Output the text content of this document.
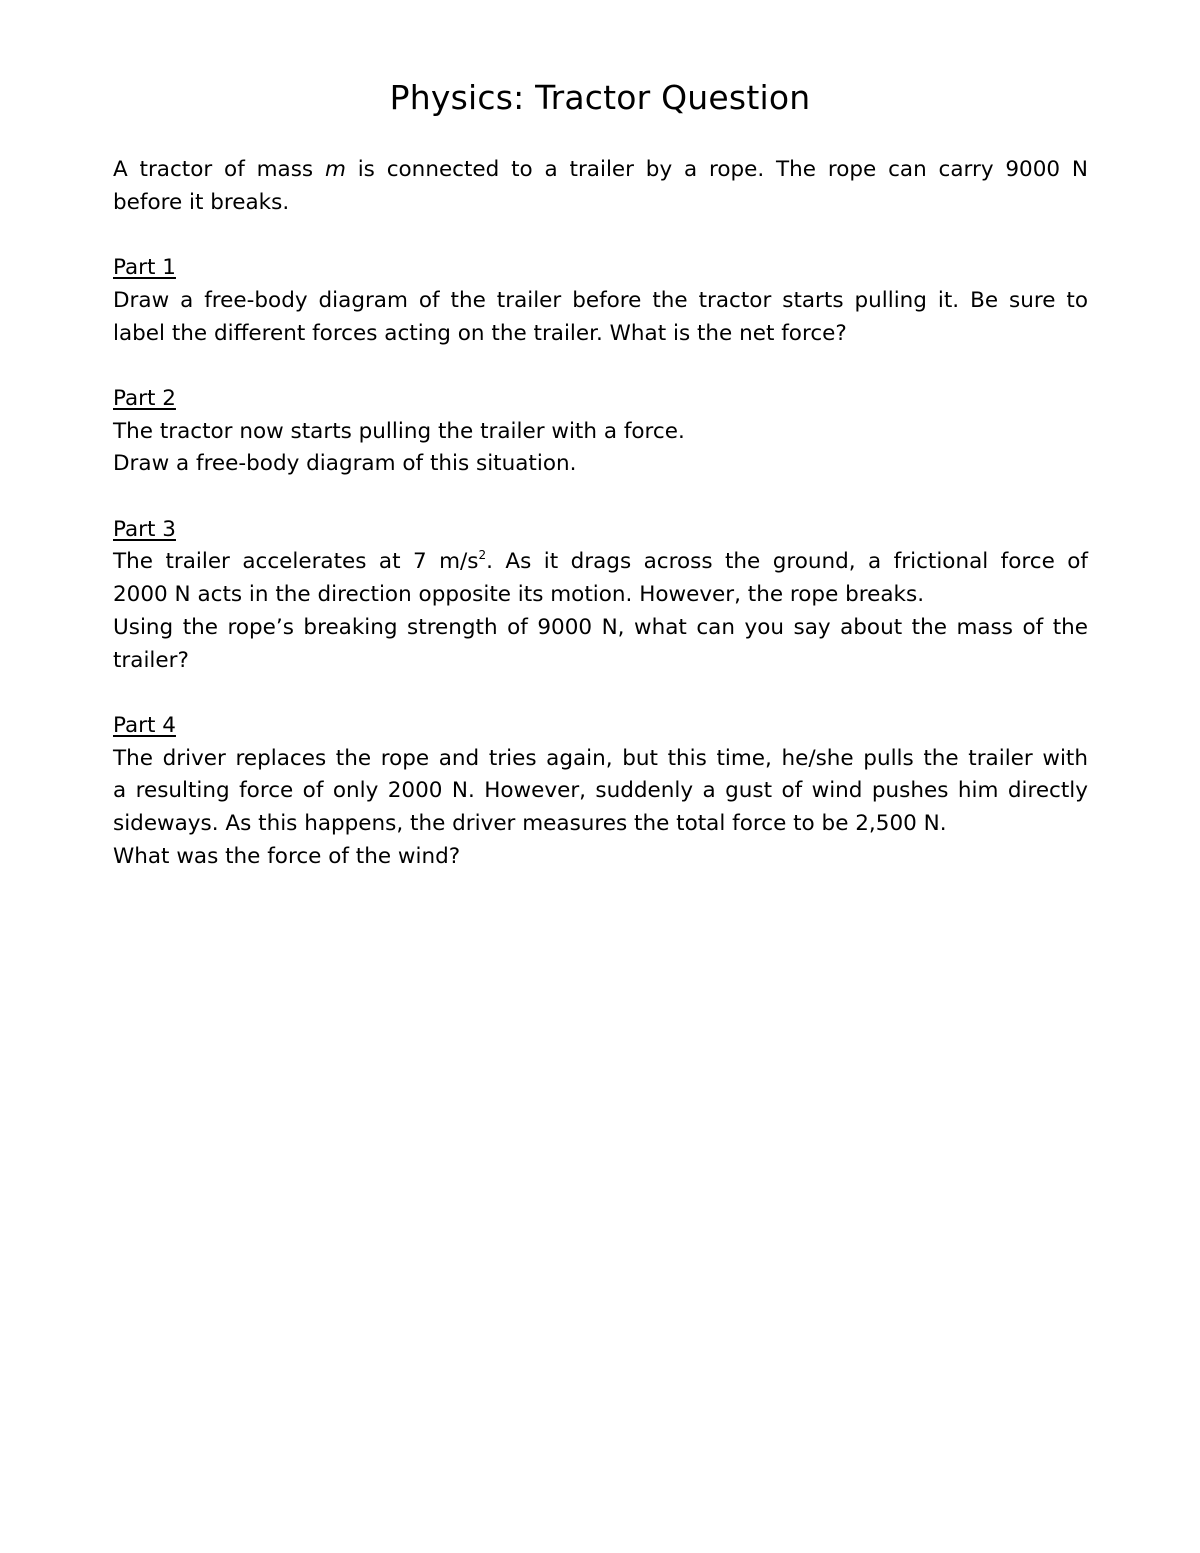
Physics: Tractor Question
A tractor of mass m is connected to a trailer by a rope. The rope can carry 9000 N
before it breaks.
Part 1
Draw a free-body diagram of the trailer before the tractor starts pulling it. Be sure to
label the different forces acting on the trailer. What is the net force?
Part 2
The tractor now starts pulling the trailer with a force.
Draw a free-body diagram of this situation.
Part 3
The trailer accelerates at 7 $m/s^2$. As it drags across the ground, a frictional force of
2000 N acts in the direction opposite its motion. However, the rope breaks.
Using the rope’s breaking strength of 9000 N, what can you say about the mass of the
trailer?
Part 4
The driver replaces the rope and tries again, but this time, he/she pulls the trailer with
a resulting force of only 2000 N. However, suddenly a gust of wind pushes him directly
sideways. As this happens, the driver measures the total force to be 2,500 N.
What was the force of the wind?
